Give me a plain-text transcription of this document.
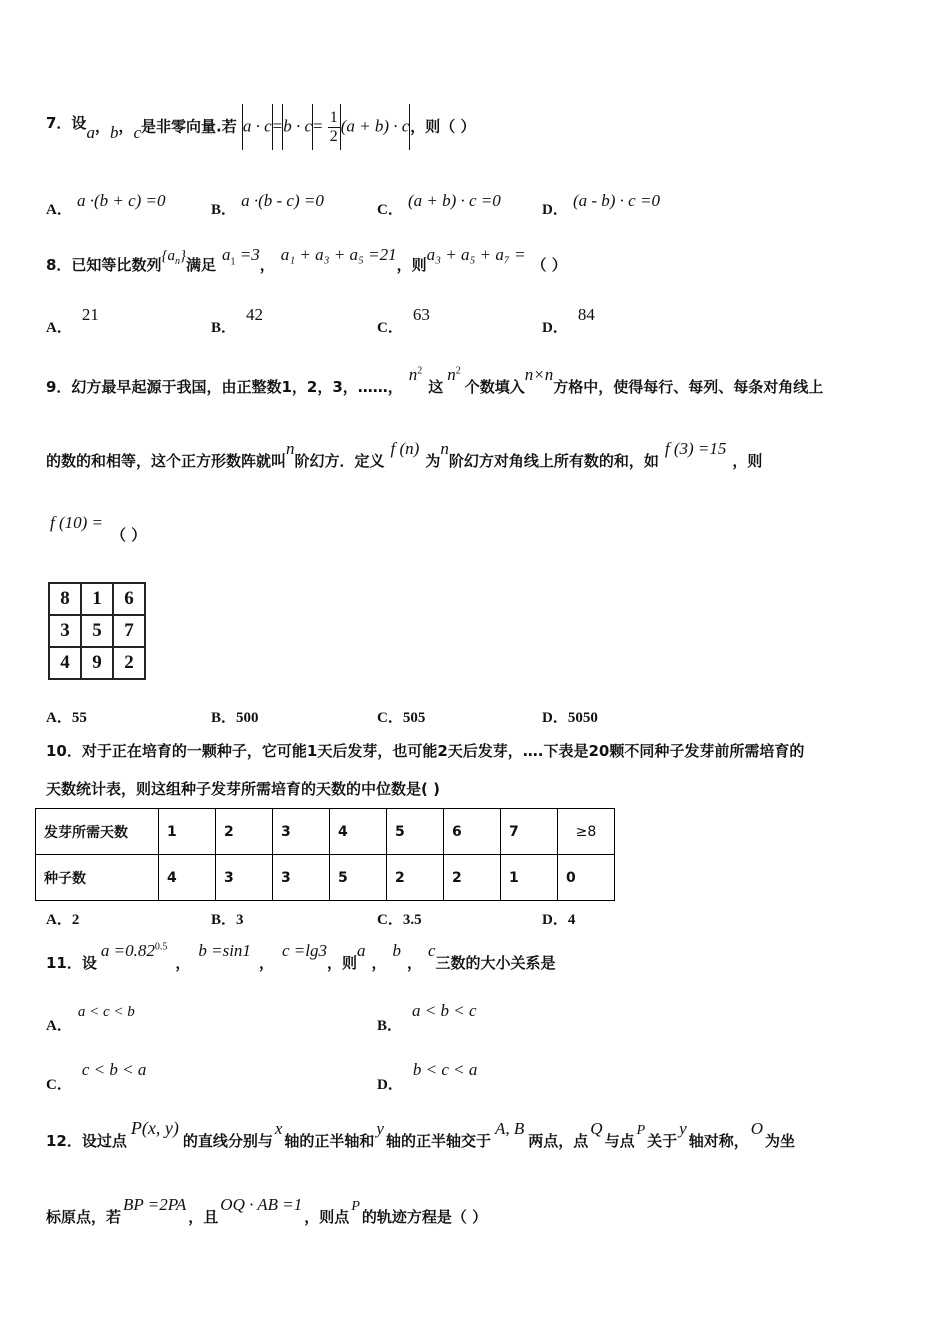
7．设a，b，c是非零向量.若 $a \cdot c=b \cdot c= \frac{1}{2} (a + b) \cdot c$，则（ ）
A． a ·(b + c) =0	B． a ·(b - c) =0	C． (a + b) · c =0	D． (a - b) · c =0
8．已知等比数列$\{a_n\}$满足$a_1 =3$，a₁ + a₃ + a₅ =21，则a₃ + a₅ + a₇ =（ ）
A．21
B．42
C．63
D．84
9．幻方最早起源于我国，由正整数1，2，3，……，$n^2$这$n^2$个数填入n×n方格中，使得每行、每列、每条对角线上
的数的和相等，这个正方形数阵就叫n阶幻方．定义f (n)为n阶幻方对角线上所有数的和，如f (3) =15，则
f (10) =（ ）
8	1	6
3	5	7
4	9	2
A．55	B．500	C．505	D．5050
10．对于正在培育的一颗种子，它可能1天后发芽，也可能2天后发芽，….下表是20颗不同种子发芽前所需培育的
天数统计表，则这组种子发芽所需培育的天数的中位数是( )
发芽所需天数	1	2	3	4	5	6	7	≥8
种子数	4	3	3	5	2	2	1	0
A．2	B．3	C．3.5	D．4
11．设$a =0.82^{0.5}$，b =sin1，c =lg3，则a，b，c三数的大小关系是
A．a < c < b
B．a < b < c
C．c < b < a
D．b < c < a
12．设过点P(x, y)的直线分别与x轴的正半轴和y轴的正半轴交于A, B两点，点Q与点P关于y轴对称，O为坐
标原点，若BP =2PA，且OQ · AB =1，则点P的轨迹方程是（ ）
